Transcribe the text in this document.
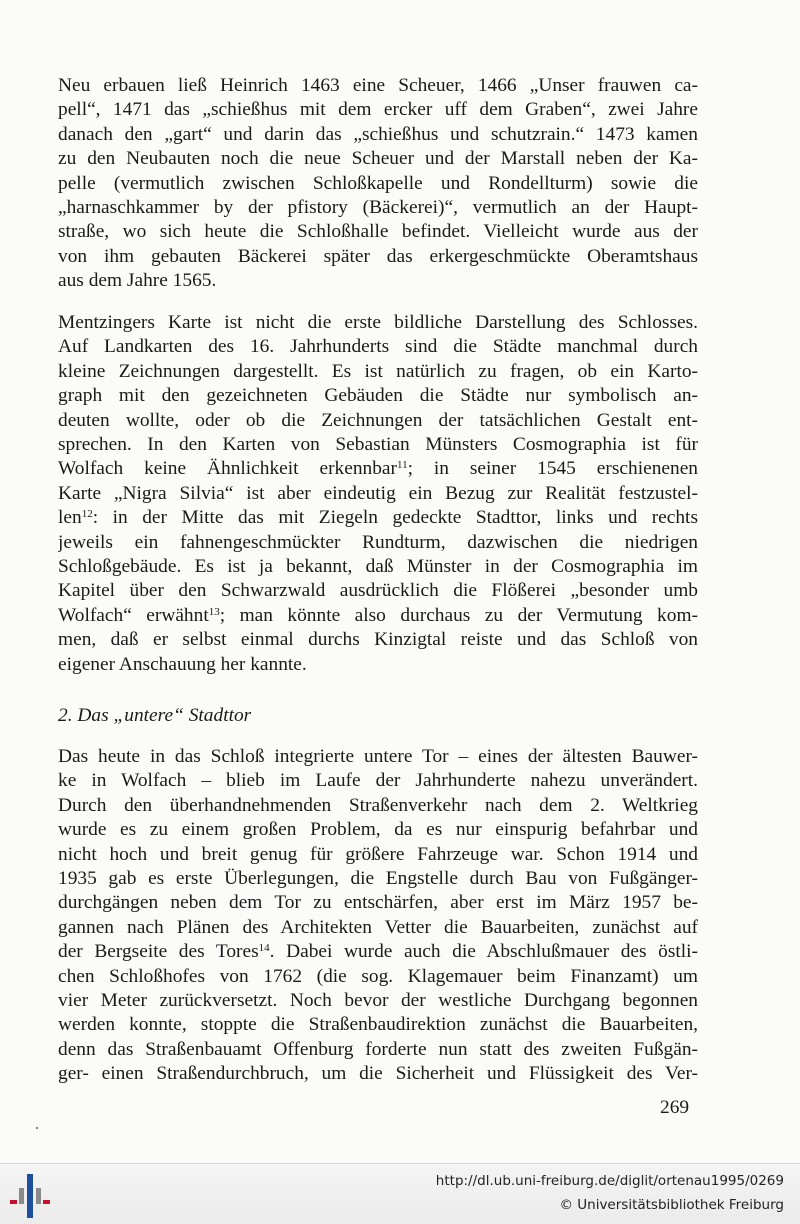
Neu erbauen ließ Heinrich 1463 eine Scheuer, 1466 „Unser frauwen ca-
pell“, 1471 das „schießhus mit dem ercker uff dem Graben“, zwei Jahre
danach den „gart“ und darin das „schießhus und schutzrain.“ 1473 kamen
zu den Neubauten noch die neue Scheuer und der Marstall neben der Ka-
pelle (vermutlich zwischen Schloßkapelle und Rondellturm) sowie die
„harnaschkammer by der pfistory (Bäckerei)“, vermutlich an der Haupt-
straße, wo sich heute die Schloßhalle befindet. Vielleicht wurde aus der
von ihm gebauten Bäckerei später das erkergeschmückte Oberamtshaus
aus dem Jahre 1565.
Mentzingers Karte ist nicht die erste bildliche Darstellung des Schlosses.
Auf Landkarten des 16. Jahrhunderts sind die Städte manchmal durch
kleine Zeichnungen dargestellt. Es ist natürlich zu fragen, ob ein Karto-
graph mit den gezeichneten Gebäuden die Städte nur symbolisch an-
deuten wollte, oder ob die Zeichnungen der tatsächlichen Gestalt ent-
sprechen. In den Karten von Sebastian Münsters Cosmographia ist für
Wolfach keine Ähnlichkeit erkennbar$^{11}$; in seiner 1545 erschienenen
Karte „Nigra Silvia“ ist aber eindeutig ein Bezug zur Realität festzustel-
len$^{12}$: in der Mitte das mit Ziegeln gedeckte Stadttor, links und rechts
jeweils ein fahnengeschmückter Rundturm, dazwischen die niedrigen
Schloßgebäude. Es ist ja bekannt, daß Münster in der Cosmographia im
Kapitel über den Schwarzwald ausdrücklich die Flößerei „besonder umb
Wolfach“ erwähnt$^{13}$; man könnte also durchaus zu der Vermutung kom-
men, daß er selbst einmal durchs Kinzigtal reiste und das Schloß von
eigener Anschauung her kannte.

2. Das „untere“ Stadttor

Das heute in das Schloß integrierte untere Tor – eines der ältesten Bauwer-
ke in Wolfach – blieb im Laufe der Jahrhunderte nahezu unverändert.
Durch den überhandnehmenden Straßenverkehr nach dem 2. Weltkrieg
wurde es zu einem großen Problem, da es nur einspurig befahrbar und
nicht hoch und breit genug für größere Fahrzeuge war. Schon 1914 und
1935 gab es erste Überlegungen, die Engstelle durch Bau von Fußgänger-
durchgängen neben dem Tor zu entschärfen, aber erst im März 1957 be-
gannen nach Plänen des Architekten Vetter die Bauarbeiten, zunächst auf
der Bergseite des Tores$^{14}$. Dabei wurde auch die Abschlußmauer des östli-
chen Schloßhofes von 1762 (die sog. Klagemauer beim Finanzamt) um
vier Meter zurückversetzt. Noch bevor der westliche Durchgang begonnen
werden konnte, stoppte die Straßenbaudirektion zunächst die Bauarbeiten,
denn das Straßenbauamt Offenburg forderte nun statt des zweiten Fußgän-
ger- einen Straßendurchbruch, um die Sicherheit und Flüssigkeit des Ver-

269

http://dl.ub.uni-freiburg.de/diglit/ortenau1995/0269

© Universitätsbibliothek Freiburg
